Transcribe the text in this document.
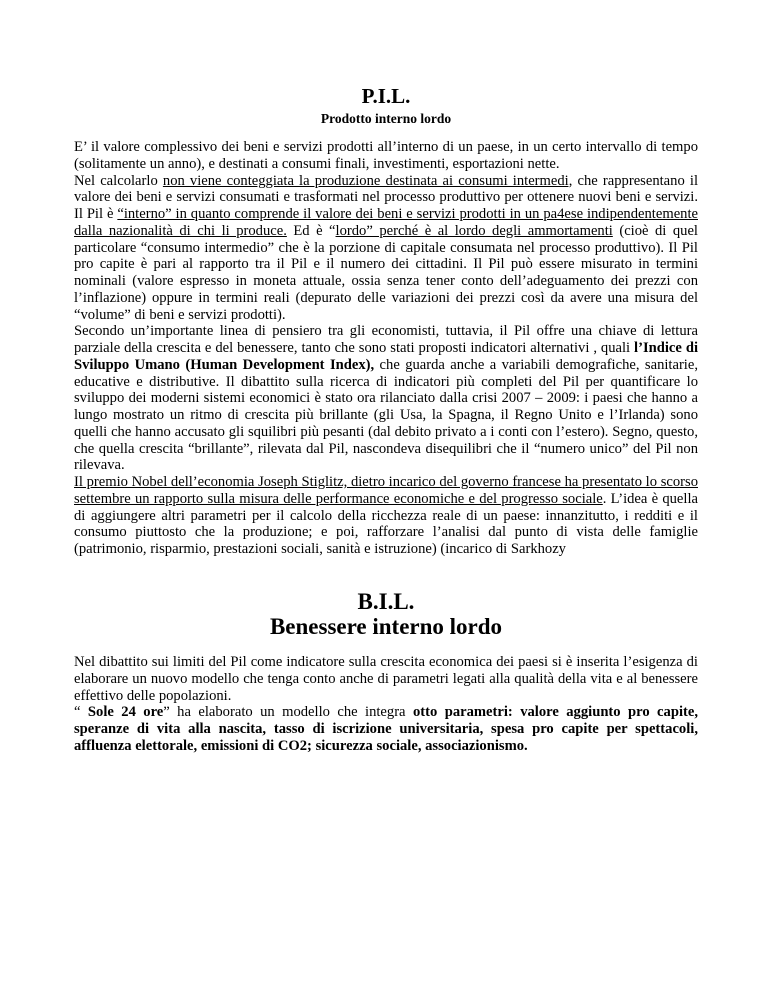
P.I.L.
Prodotto interno lordo

E’ il valore complessivo dei beni e servizi prodotti all’interno di un paese, in un certo intervallo di tempo (solitamente un anno), e destinati a consumi finali, investimenti, esportazioni nette.

Nel calcolarlo non viene conteggiata la produzione destinata ai consumi intermedi, che rappresentano il valore dei beni e servizi consumati e trasformati nel processo produttivo per ottenere nuovi beni e servizi. Il Pil è “interno” in quanto comprende il valore dei beni e servizi prodotti in un pa4ese indipendentemente dalla nazionalità di chi li produce. Ed è “lordo” perché è al lordo degli ammortamenti (cioè di quel particolare “consumo intermedio” che è la porzione di capitale consumata nel processo produttivo). Il Pil pro capite è pari al rapporto tra il Pil e il numero dei cittadini. Il Pil può essere misurato in termini nominali (valore espresso in moneta attuale, ossia senza tener conto dell’adeguamento dei prezzi con l’inflazione) oppure in termini reali (depurato delle variazioni dei prezzi così da avere una misura del “volume” di beni e servizi prodotti).

Secondo un’importante linea di pensiero tra gli economisti, tuttavia, il Pil offre una chiave di lettura parziale della crescita e del benessere, tanto che sono stati proposti indicatori alternativi , quali l’Indice di Sviluppo Umano (Human Development Index), che guarda anche a variabili demografiche, sanitarie, educative e distributive. Il dibattito sulla ricerca di indicatori più completi del Pil per quantificare lo sviluppo dei moderni sistemi economici è stato ora rilanciato dalla crisi 2007 – 2009: i paesi che hanno a lungo mostrato un ritmo di crescita più brillante (gli Usa, la Spagna, il Regno Unito e l’Irlanda) sono quelli che hanno accusato gli squilibri più pesanti (dal debito privato a i conti con l’estero). Segno, questo, che quella crescita “brillante”, rilevata dal Pil, nascondeva disequilibri che il “numero unico” del Pil non rilevava.

Il premio Nobel dell’economia Joseph Stiglitz, dietro incarico del governo francese ha presentato lo scorso settembre un rapporto sulla misura delle performance economiche e del progresso sociale. L’idea è quella di aggiungere altri parametri per il calcolo della ricchezza reale di un paese: innanzitutto, i redditi e il consumo piuttosto che la produzione; e poi, rafforzare l’analisi dal punto di vista delle famiglie (patrimonio, risparmio, prestazioni sociali, sanità e istruzione) (incarico di Sarkhozy

B.I.L.
Benessere interno lordo

Nel dibattito sui limiti del Pil come indicatore sulla crescita economica dei paesi si è inserita l’esigenza di elaborare un nuovo modello che tenga conto anche di parametri legati alla qualità della vita e al benessere effettivo delle popolazioni.

“ Sole 24 ore” ha elaborato un modello che integra otto parametri: valore aggiunto pro capite, speranze di vita alla nascita, tasso di iscrizione universitaria, spesa pro capite per spettacoli, affluenza elettorale, emissioni di CO2; sicurezza sociale, associazionismo.
